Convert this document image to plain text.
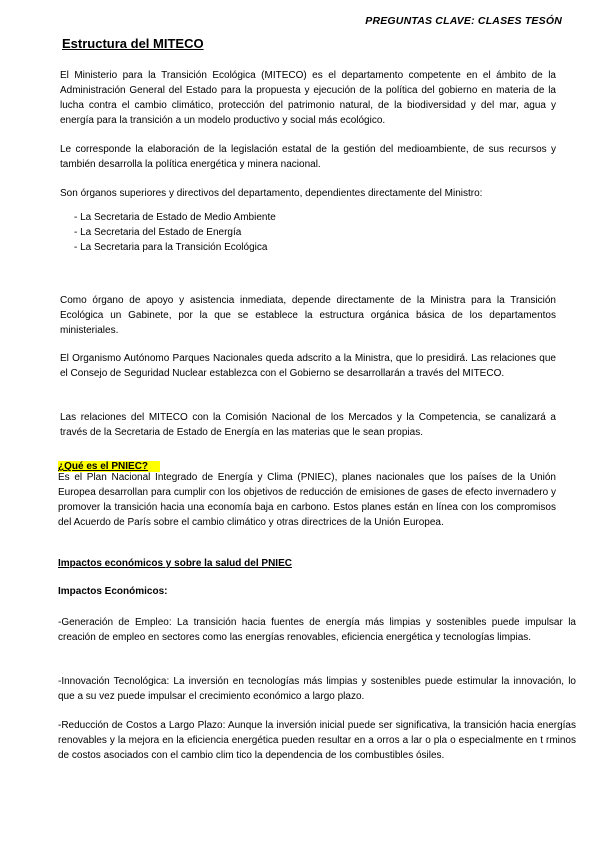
PREGUNTAS CLAVE: CLASES TESÓN
Estructura del MITECO

El Ministerio para la Transición Ecológica (MITECO) es el departamento competente en el ámbito de la Administración General del Estado para la propuesta y ejecución de la política del gobierno en materia de la lucha contra el cambio climático, protección del patrimonio natural, de la biodiversidad y del mar, agua y energía para la transición a un modelo productivo y social más ecológico.

Le corresponde la elaboración de la legislación estatal de la gestión del medioambiente, de sus recursos y también desarrolla la política energética y minera nacional.

Son órganos superiores y directivos del departamento, dependientes directamente del Ministro:

- La Secretaria de Estado de Medio Ambiente
- La Secretaria del Estado de Energía
- La Secretaria para la Transición Ecológica

Como órgano de apoyo y asistencia inmediata, depende directamente de la Ministra para la Transición Ecológica un Gabinete, por la que se establece la estructura orgánica básica de los departamentos ministeriales.

El Organismo Autónomo Parques Nacionales queda adscrito a la Ministra, que lo presidirá. Las relaciones que el Consejo de Seguridad Nuclear establezca con el Gobierno se desarrollarán a través del MITECO.

Las relaciones del MITECO con la Comisión Nacional de los Mercados y la Competencia, se canalizará a través de la Secretaria de Estado de Energía en las materias que le sean propias.

¿Qué es el PNIEC?

Es el Plan Nacional Integrado de Energía y Clima (PNIEC), planes nacionales que los países de la Unión Europea desarrollan para cumplir con los objetivos de reducción de emisiones de gases de efecto invernadero y promover la transición hacia una economía baja en carbono. Estos planes están en línea con los compromisos del Acuerdo de París sobre el cambio climático y otras directrices de la Unión Europea.

Impactos económicos y sobre la salud del PNIEC
Impactos Económicos:

-Generación de Empleo: La transición hacia fuentes de energía más limpias y sostenibles puede impulsar la creación de empleo en sectores como las energías renovables, eficiencia energética y tecnologías limpias.

-Innovación Tecnológica: La inversión en tecnologías más limpias y sostenibles puede estimular la innovación, lo que a su vez puede impulsar el crecimiento económico a largo plazo.

-Reducción de Costos a Largo Plazo: Aunque la inversión inicial puede ser significativa, la transición hacia energías renovables y la mejora en la eficiencia energética pueden resultar en a orros a lar o pla o especialmente en t rminos de costos asociados con el cambio clim tico la dependencia de los combustibles ósiles.
